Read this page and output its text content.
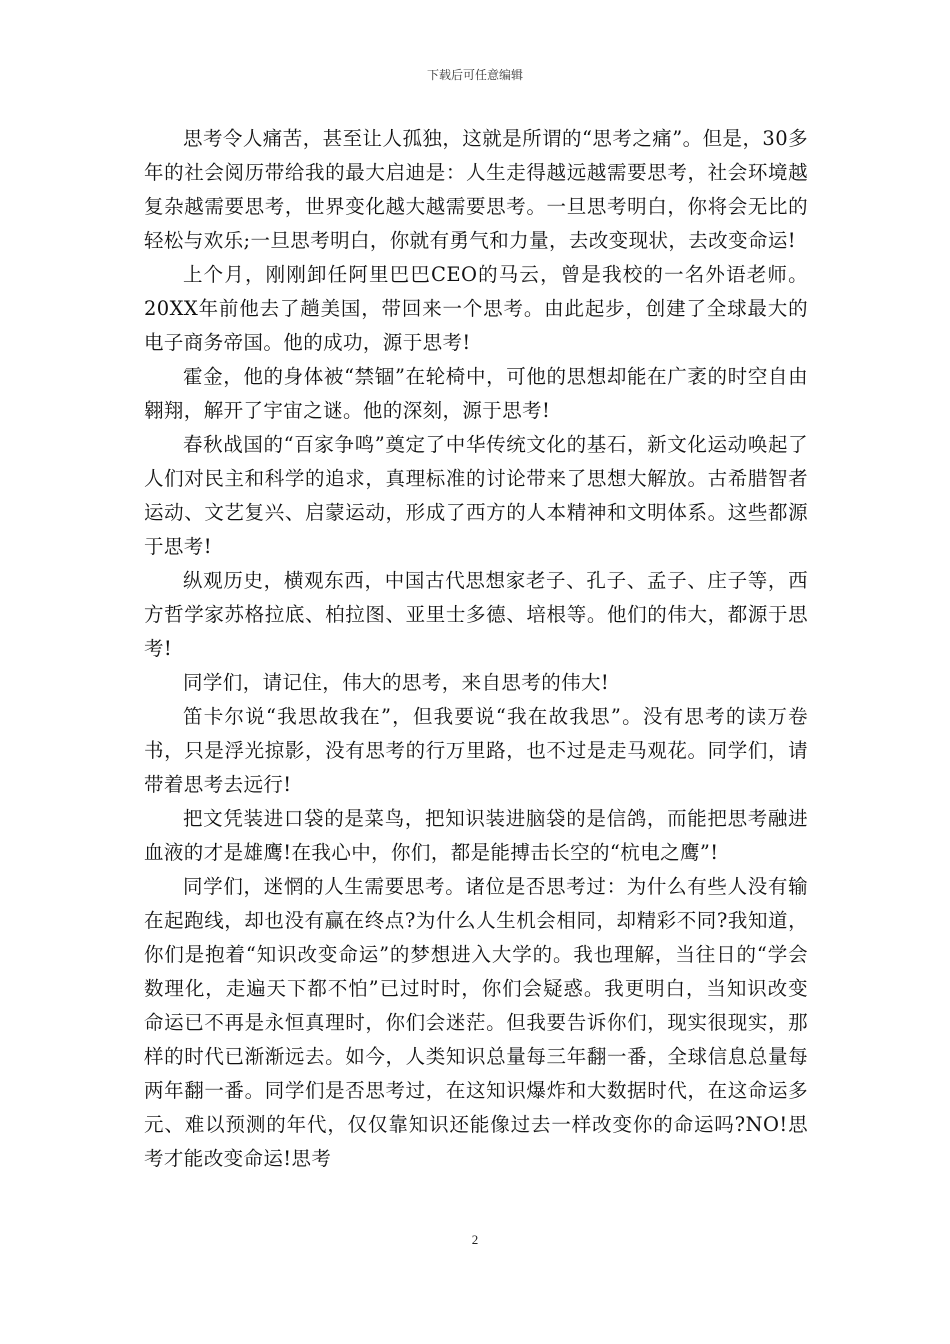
下载后可任意编辑

思考令人痛苦，甚至让人孤独，这就是所谓的“思考之痛”。但是，30多年的社会阅历带给我的最大启迪是：人生走得越远越需要思考，社会环境越复杂越需要思考，世界变化越大越需要思考。一旦思考明白，你将会无比的轻松与欢乐;一旦思考明白，你就有勇气和力量，去改变现状，去改变命运!

上个月，刚刚卸任阿里巴巴CEO的马云，曾是我校的一名外语老师。20XX年前他去了趟美国，带回来一个思考。由此起步，创建了全球最大的电子商务帝国。他的成功，源于思考!

霍金，他的身体被“禁锢”在轮椅中，可他的思想却能在广袤的时空自由翱翔，解开了宇宙之谜。他的深刻，源于思考!

春秋战国的“百家争鸣”奠定了中华传统文化的基石，新文化运动唤起了人们对民主和科学的追求，真理标准的讨论带来了思想大解放。古希腊智者运动、文艺复兴、启蒙运动，形成了西方的人本精神和文明体系。这些都源于思考!

纵观历史，横观东西，中国古代思想家老子、孔子、孟子、庄子等，西方哲学家苏格拉底、柏拉图、亚里士多德、培根等。他们的伟大，都源于思考!

同学们，请记住，伟大的思考，来自思考的伟大!

笛卡尔说“我思故我在”，但我要说“我在故我思”。没有思考的读万卷书，只是浮光掠影，没有思考的行万里路，也不过是走马观花。同学们，请带着思考去远行!

把文凭装进口袋的是菜鸟，把知识装进脑袋的是信鸽，而能把思考融进血液的才是雄鹰!在我心中，你们，都是能搏击长空的“杭电之鹰”!

同学们，迷惘的人生需要思考。诸位是否思考过：为什么有些人没有输在起跑线，却也没有赢在终点?为什么人生机会相同，却精彩不同?我知道，你们是抱着“知识改变命运”的梦想进入大学的。我也理解，当往日的“学会数理化，走遍天下都不怕”已过时时，你们会疑惑。我更明白，当知识改变命运已不再是永恒真理时，你们会迷茫。但我要告诉你们，现实很现实，那样的时代已渐渐远去。如今，人类知识总量每三年翻一番，全球信息总量每两年翻一番。同学们是否思考过，在这知识爆炸和大数据时代，在这命运多元、难以预测的年代，仅仅靠知识还能像过去一样改变你的命运吗?NO!思考才能改变命运!思考

2
